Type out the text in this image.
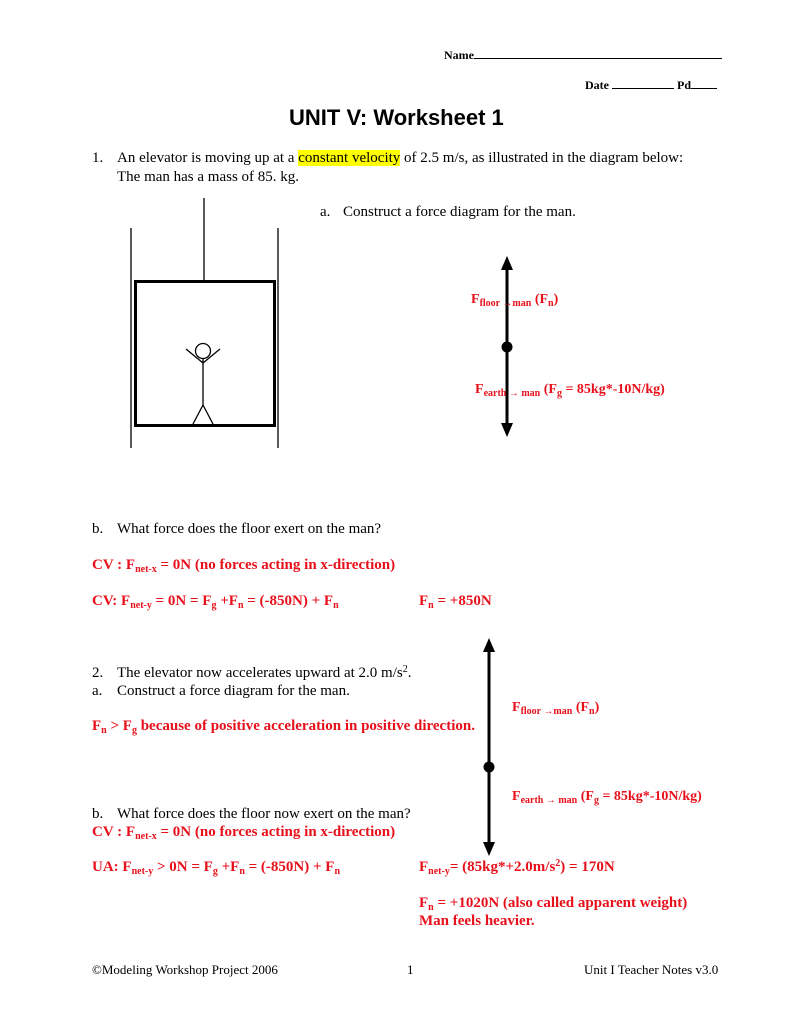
Name
Date	Pd
UNIT V: Worksheet 1
1. An elevator is moving up at a constant velocity of 2.5 m/s, as illustrated in the diagram below:
The man has a mass of 85. kg.
a. Construct a force diagram for the man.
$F_{floor \to man}$ $(F_n)$
$F_{earth \to man}$ $(F_g = 85kg*-10N/kg)$
b. What force does the floor exert on the man?
CV : $F_{net-x} = 0N$ (no forces acting in x-direction)
CV: $F_{net-y} = 0N = F_g +F_n = (-850N) + F_n$	$F_n = +850N$
2. The elevator now accelerates upward at 2.0 $m/s^2$.
a. Construct a force diagram for the man.
$F_n > F_g$ because of positive acceleration in positive direction.
$F_{floor \to man}$ $(F_n)$
$F_{earth \to man}$ $(F_g = 85kg*-10N/kg)$
b. What force does the floor now exert on the man?
CV : $F_{net-x} = 0N$ (no forces acting in x-direction)
UA: $F_{net-y} > 0N = F_g +F_n = (-850N) + F_n$	$F_{net-y}= (85kg*+2.0m/s^2) = 170N$
$F_n = +1020N$ (also called apparent weight)
Man feels heavier.
©Modeling Workshop Project 2006	1	Unit I Teacher Notes v3.0
